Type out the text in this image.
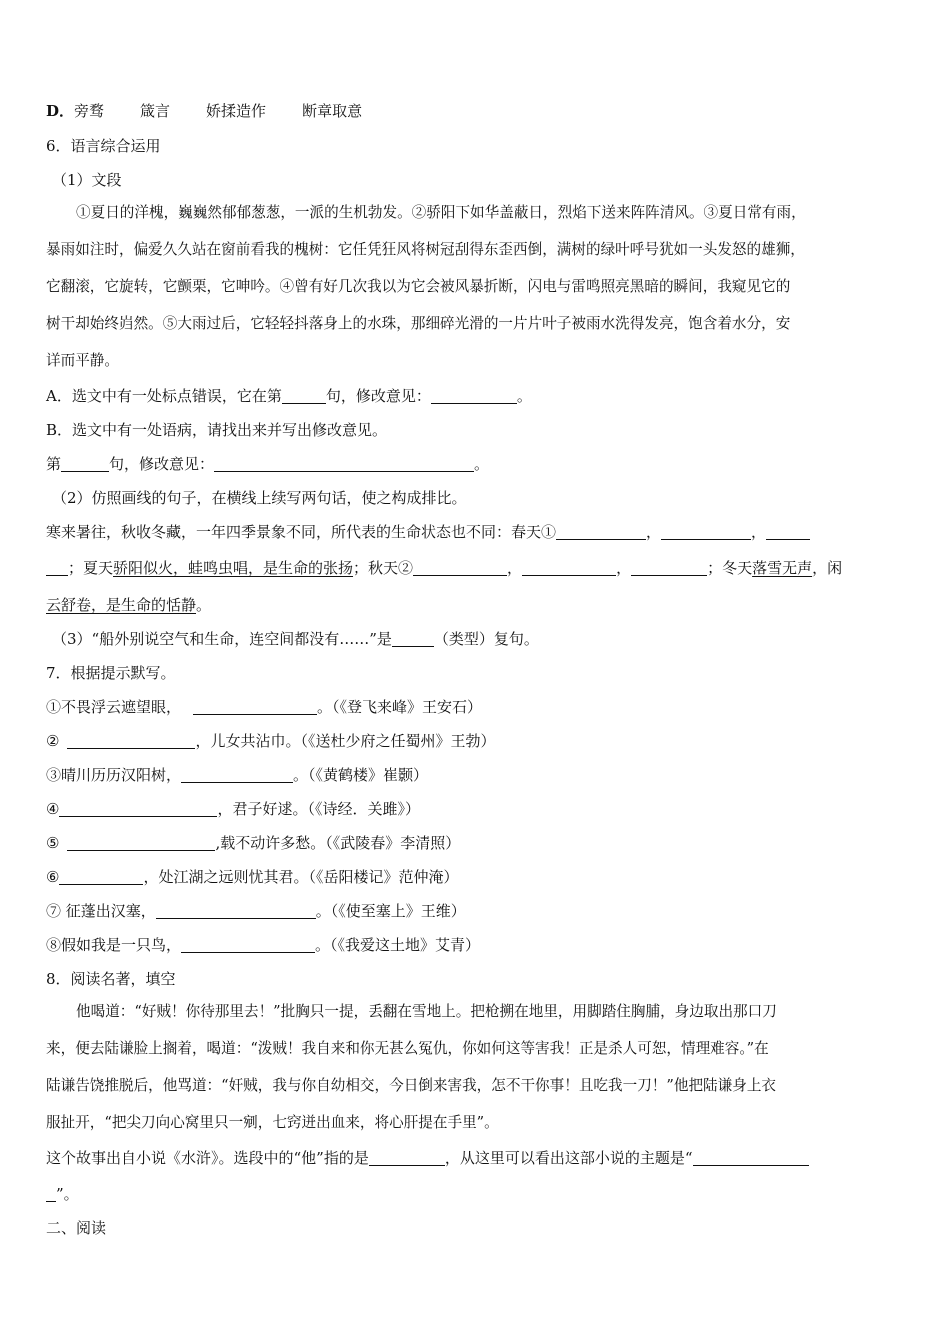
D．旁骛 箴言 娇揉造作 断章取意
6．语言综合运用
（1）文段
①夏日的洋槐，巍巍然郁郁葱葱，一派的生机勃发。②骄阳下如华盖蔽日，烈焰下送来阵阵清风。③夏日常有雨，
暴雨如注时，偏爱久久站在窗前看我的槐树：它任凭狂风将树冠刮得东歪西倒，满树的绿叶呼号犹如一头发怒的雄狮，
它翻滚，它旋转，它颤栗，它呻吟。④曾有好几次我以为它会被风暴折断，闪电与雷鸣照亮黑暗的瞬间，我窥见它的
树干却始终岿然。⑤大雨过后，它轻轻抖落身上的水珠，那细碎光滑的一片片叶子被雨水洗得发亮，饱含着水分，安
详而平静。
A．选文中有一处标点错误，它在第	句，修改意见：	。
B．选文中有一处语病，请找出来并写出修改意见。
第	句，修改意见：	。
（2）仿照画线的句子，在横线上续写两句话，使之构成排比。
寒来暑往，秋收冬藏，一年四季景象不同，所代表的生命状态也不同：春天①	，	，
；夏天骄阳似火，蛙鸣虫唱，是生命的张扬；秋天②	，	，	；冬天落雪无声，闲
云舒卷，是生命的恬静。
（3）“船外别说空气和生命，连空间都没有……”是	（类型）复句。
7．根据提示默写。
①不畏浮云遮望眼，	。（《登飞来峰》王安石）
②	，儿女共沾巾。（《送杜少府之任蜀州》王勃）
③晴川历历汉阳树，	。（《黄鹤楼》崔颢）
④	，君子好逑。（《诗经．关雎》）
⑤	,载不动许多愁。（《武陵春》李清照）
⑥	，处江湖之远则忧其君。（《岳阳楼记》范仲淹）
⑦ 征蓬出汉塞，	。（《使至塞上》王维）
⑧假如我是一只鸟，	。（《我爱这土地》艾青）
8．阅读名著，填空
他喝道：“好贼！你待那里去！”批胸只一提，丢翻在雪地上。把枪搠在地里，用脚踏住胸脯，身边取出那口刀
来，便去陆谦脸上搁着，喝道：“泼贼！我自来和你无甚么冤仇，你如何这等害我！正是杀人可恕，情理难容。”在
陆谦告饶推脱后，他骂道：“奸贼，我与你自幼相交，今日倒来害我，怎不干你事！且吃我一刀！”他把陆谦身上衣
服扯开，“把尖刀向心窝里只一剜，七窍迸出血来，将心肝提在手里”。
这个故事出自小说《水浒》。选段中的“他”指的是	，从这里可以看出这部小说的主题是“
”。
二、阅读
